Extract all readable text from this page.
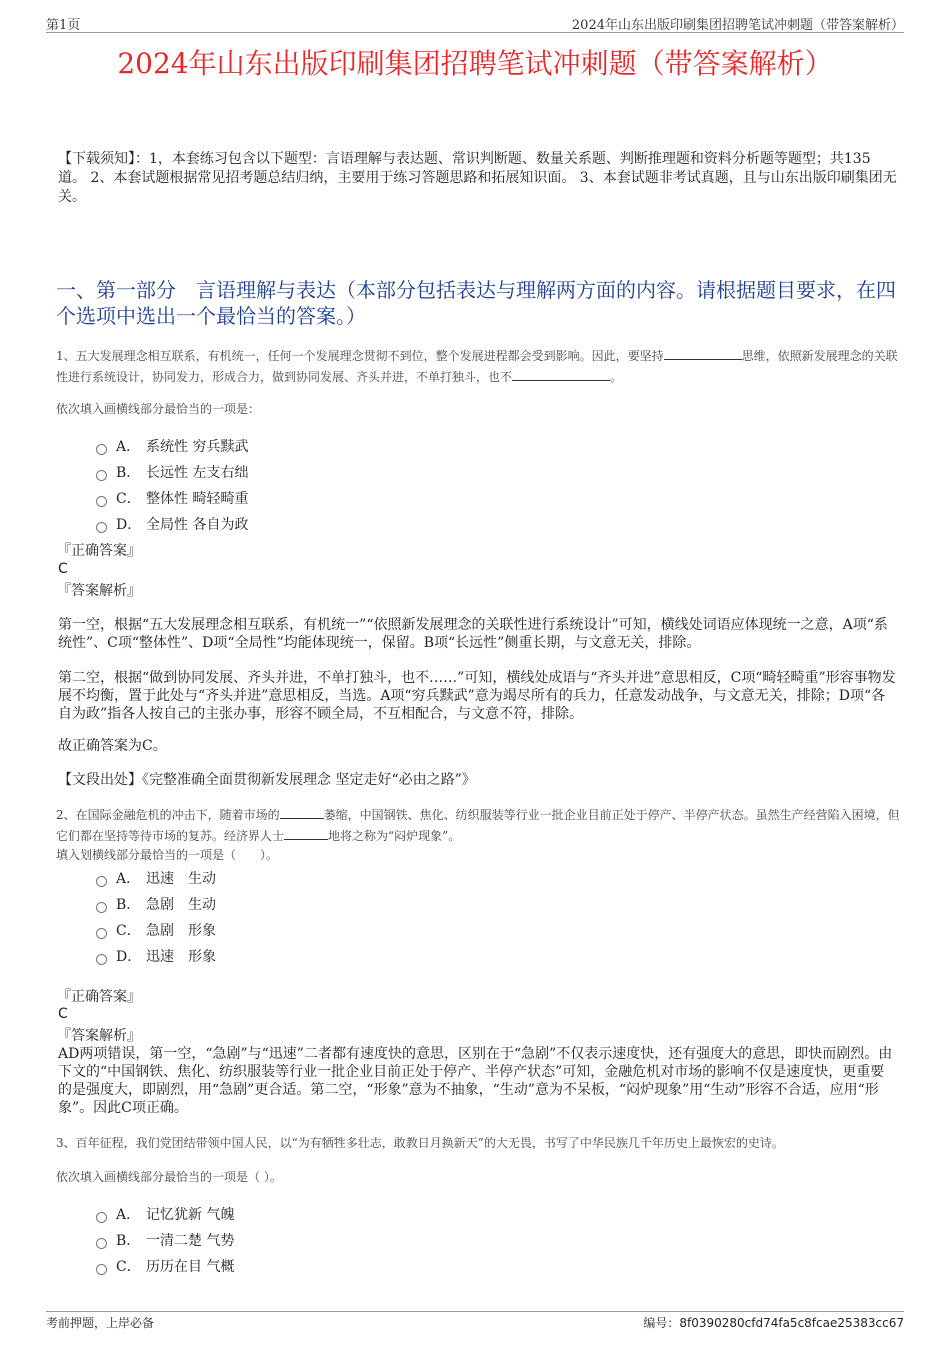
第1页	2024年山东出版印刷集团招聘笔试冲刺题（带答案解析）
2024年山东出版印刷集团招聘笔试冲刺题（带答案解析）
【下载须知】：1，本套练习包含以下题型：言语理解与表达题、常识判断题、数量关系题、判断推理题和资料分析题等题型；共135道。 2、本套试题根据常见招考题总结归纳，主要用于练习答题思路和拓展知识面。 3、本套试题非考试真题，且与山东出版印刷集团无关。
一、第一部分　言语理解与表达（本部分包括表达与理解两方面的内容。请根据题目要求，在四个选项中选出一个最恰当的答案。）
1、五大发展理念相互联系，有机统一，任何一个发展理念贯彻不到位，整个发展进程都会受到影响。因此，要坚持	思维，依照新发展理念的关联性进行系统设计，协同发力，形成合力，做到协同发展、齐头并进，不单打独斗，也不	。
依次填入画横线部分最恰当的一项是：
A． 系统性 穷兵黩武
B． 长远性 左支右绌
C． 整体性 畸轻畸重
D． 全局性 各自为政
『正确答案』
C
『答案解析』
第一空，根据“五大发展理念相互联系，有机统一”“依照新发展理念的关联性进行系统设计”可知，横线处词语应体现统一之意，A项“系统性”、C项“整体性”、D项“全局性”均能体现统一，保留。B项“长远性”侧重长期，与文意无关，排除。
第二空，根据“做到协同发展、齐头并进，不单打独斗，也不……”可知，横线处成语与“齐头并进”意思相反，C项“畸轻畸重”形容事物发展不均衡，置于此处与“齐头并进”意思相反，当选。A项“穷兵黩武”意为竭尽所有的兵力，任意发动战争，与文意无关，排除；D项“各自为政”指各人按自己的主张办事，形容不顾全局，不互相配合，与文意不符，排除。
故正确答案为C。
【文段出处】《完整准确全面贯彻新发展理念 坚定走好“必由之路”》
2、在国际金融危机的冲击下，随着市场的	萎缩，中国钢铁、焦化、纺织服装等行业一批企业目前正处于停产、半停产状态。虽然生产经营陷入困境，但它们都在坚持等待市场的复苏。经济界人士	地将之称为“闷炉现象”。
填入划横线部分最恰当的一项是（　　）。
A． 迅速　生动
B． 急剧　生动
C． 急剧　形象
D． 迅速　形象
『正确答案』
C
『答案解析』
AD两项错误，第一空，“急剧”与“迅速”二者都有速度快的意思，区别在于“急剧”不仅表示速度快，还有强度大的意思，即快而剧烈。由下文的“中国钢铁、焦化、纺织服装等行业一批企业目前正处于停产、半停产状态”可知，金融危机对市场的影响不仅是速度快，更重要的是强度大，即剧烈，用“急剧”更合适。第二空，“形象”意为不抽象，“生动”意为不呆板，“闷炉现象”用“生动”形容不合适，应用“形象”。因此C项正确。
3、百年征程，我们党团结带领中国人民，以“为有牺牲多壮志，敢教日月换新天”的大无畏，书写了中华民族几千年历史上最恢宏的史诗。
依次填入画横线部分最恰当的一项是（ ）。
A． 记忆犹新 气魄
B． 一清二楚 气势
C． 历历在目 气概
考前押题，上岸必备	编号：8f0390280cfd74fa5c8fcae25383cc67
